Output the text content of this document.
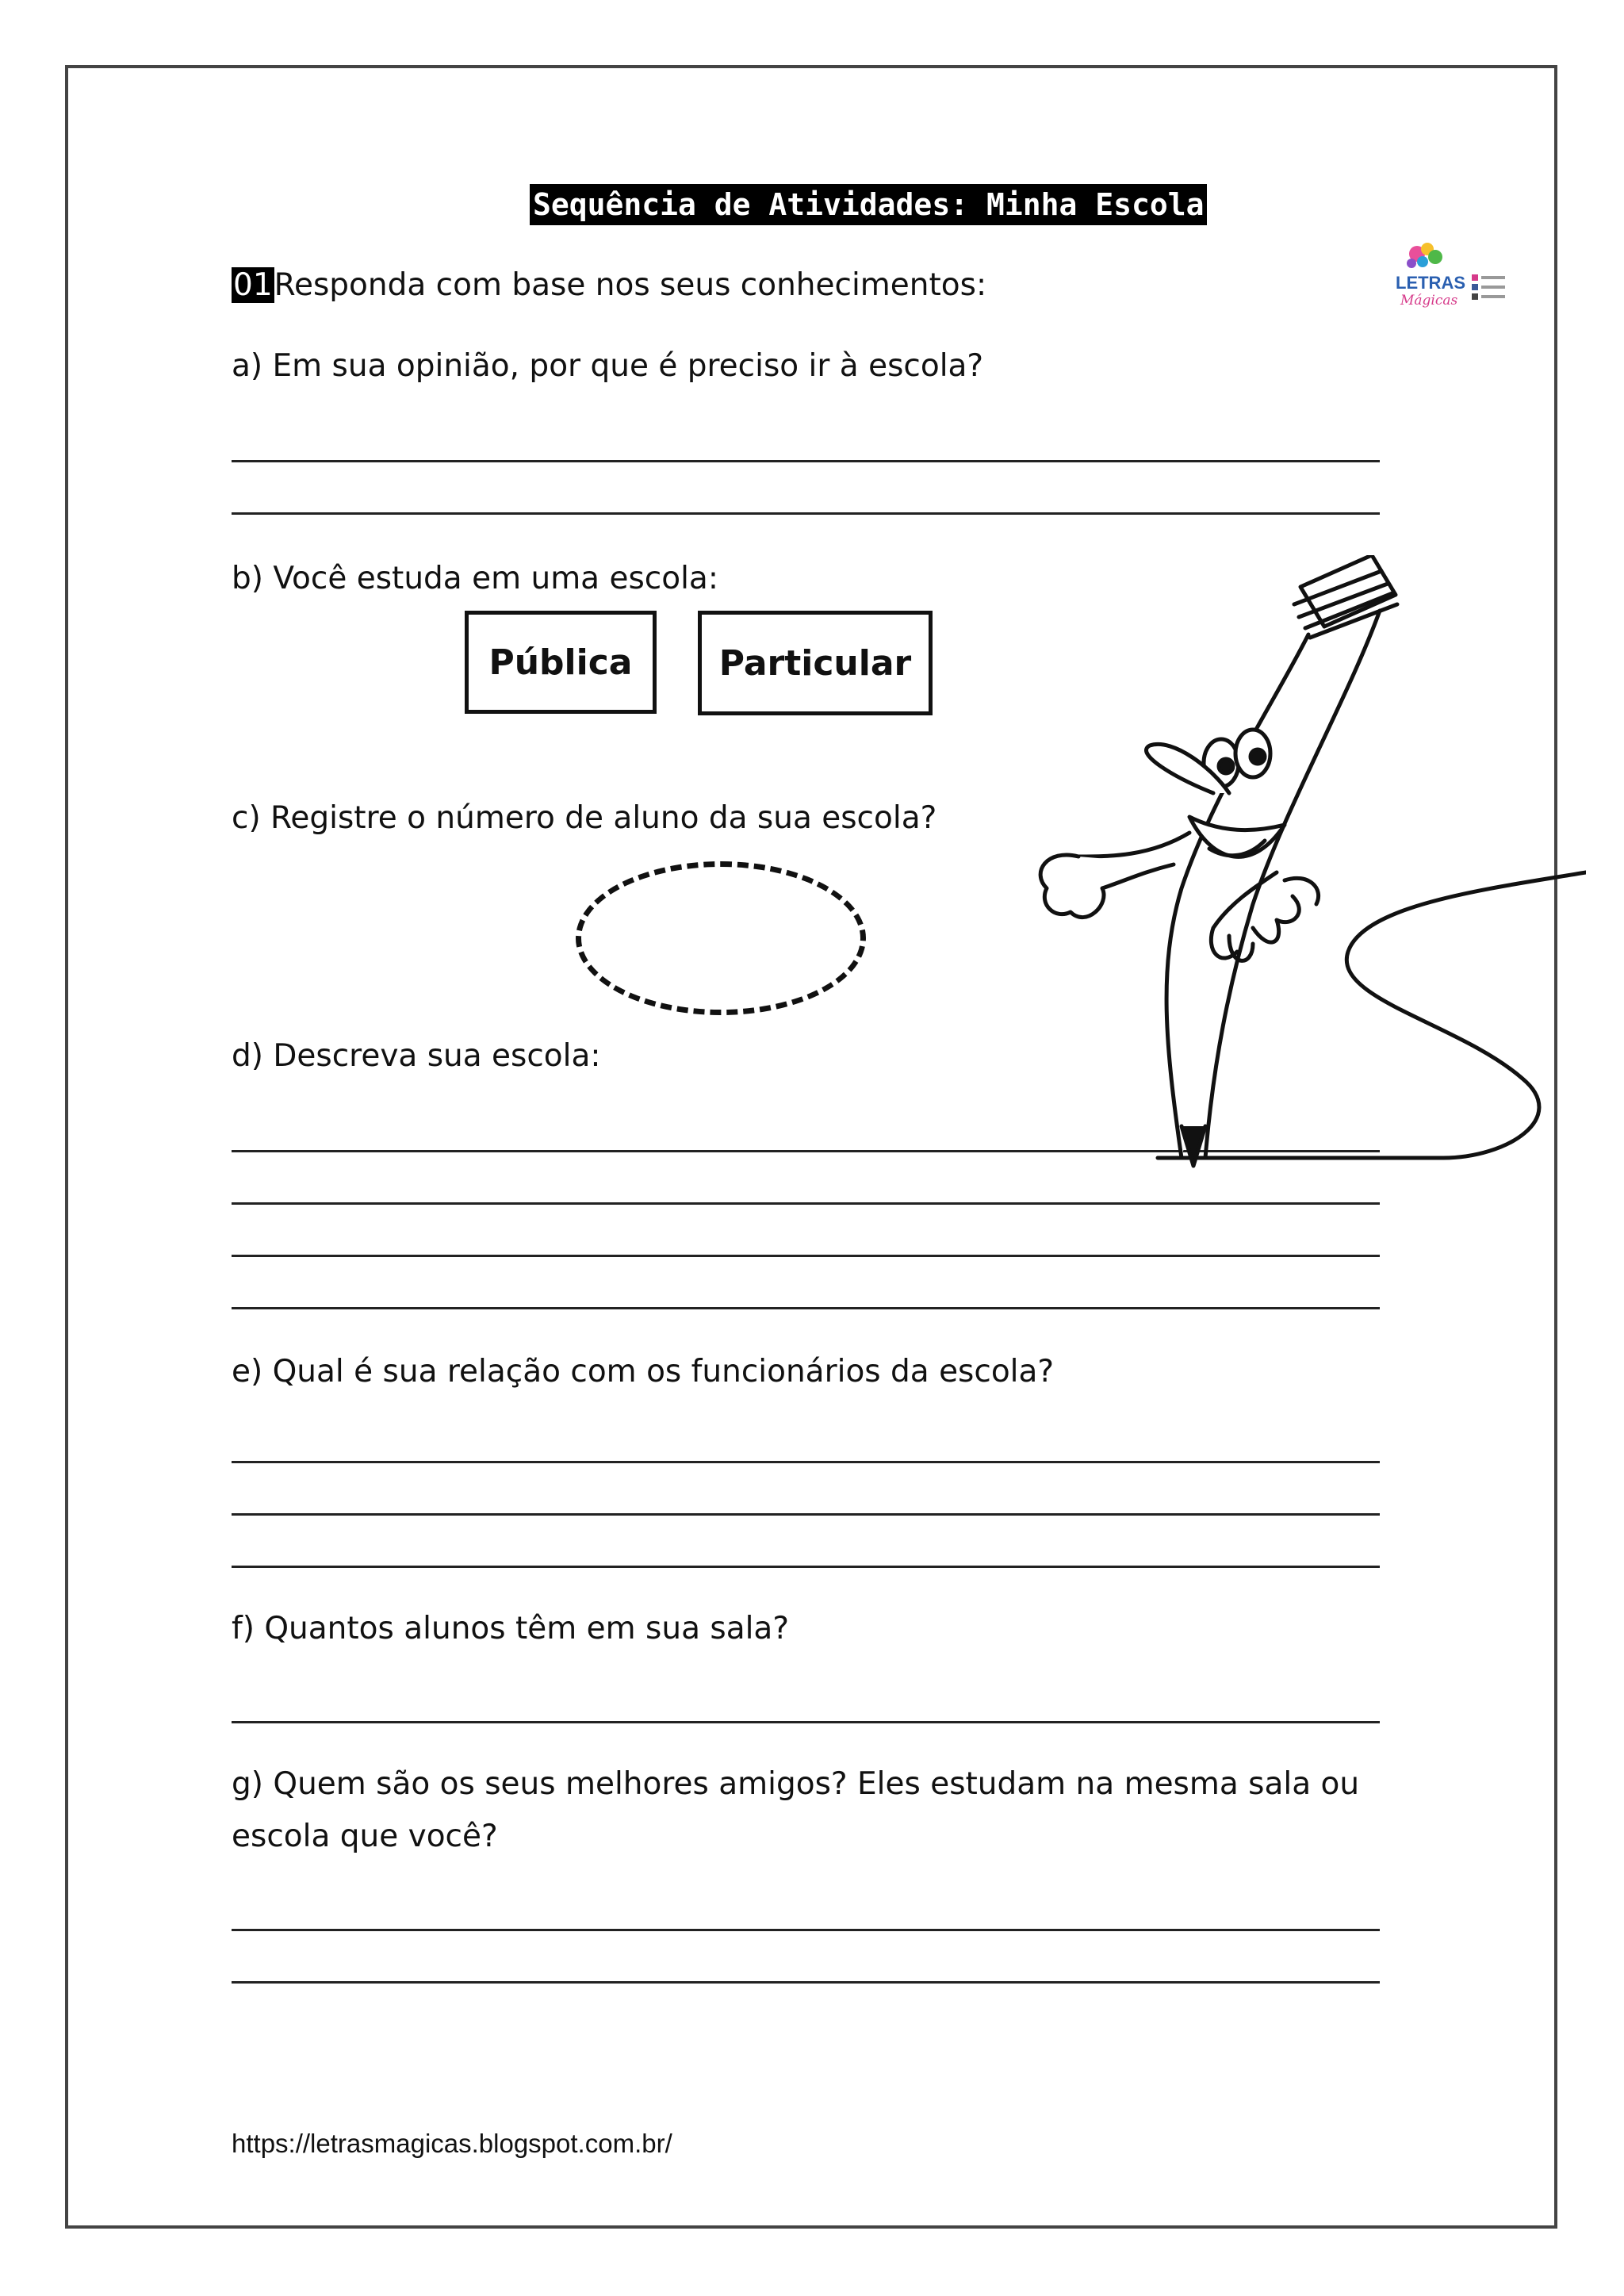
Sequência de Atividades: Minha Escola
LETRAS
Mágicas
01Responda com base nos seus conhecimentos:
a) Em sua opinião, por que é preciso ir à escola?
b) Você estuda em uma escola:
Pública Particular
c) Registre o número de aluno da sua escola?
d) Descreva sua escola:
e) Qual é sua relação com os funcionários da escola?
f) Quantos alunos têm em sua sala?
g) Quem são os seus melhores amigos? Eles estudam na mesma sala ou
escola que você?
https://letrasmagicas.blogspot.com.br/
